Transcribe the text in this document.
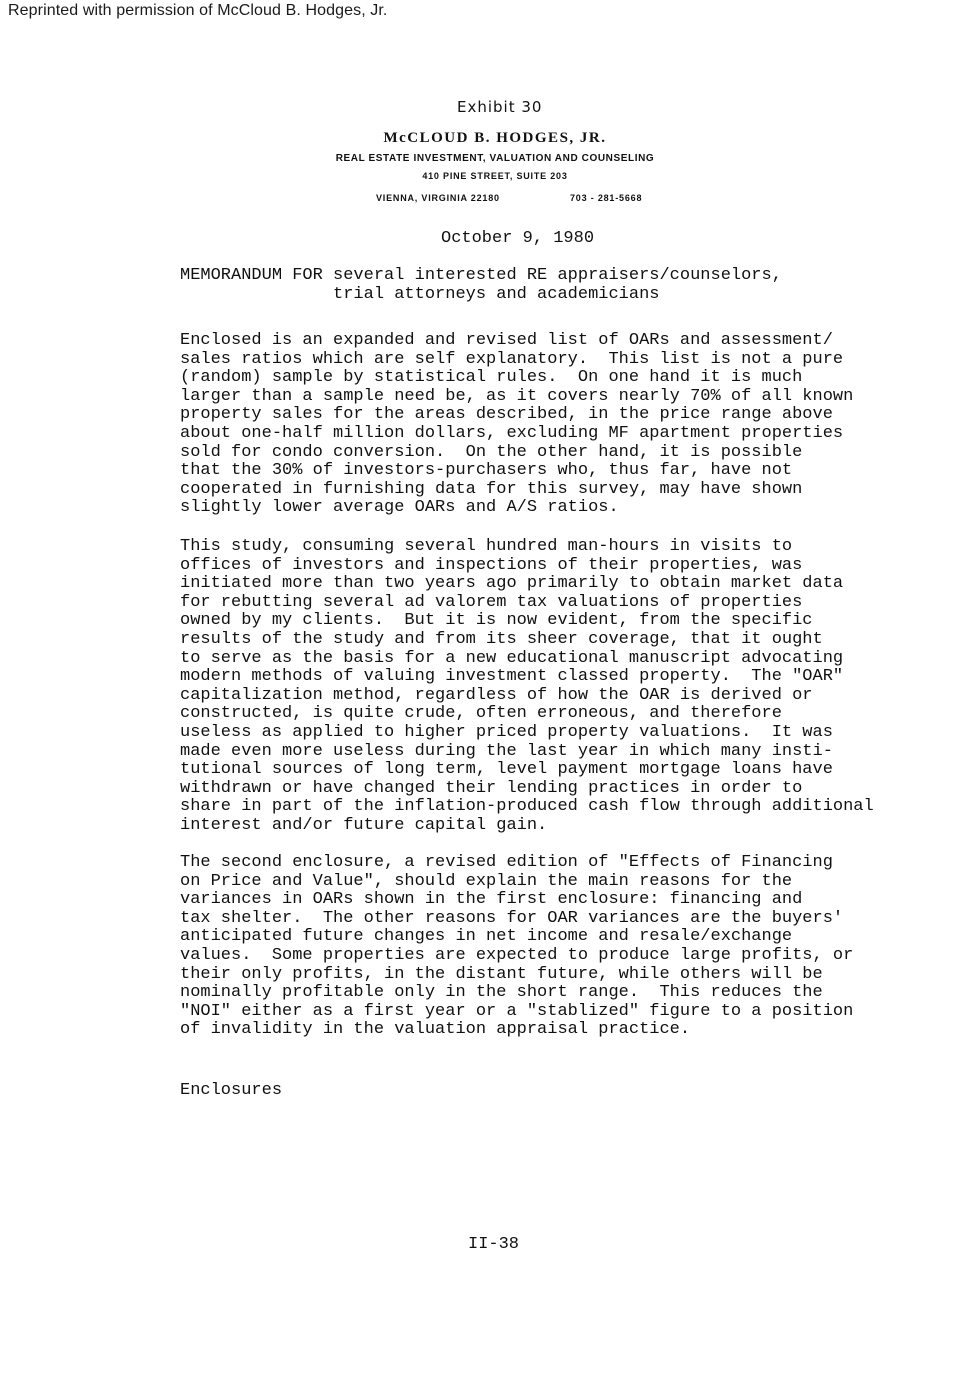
Reprinted with permission of McCloud B. Hodges, Jr.
Exhibit 30
McCLOUD B. HODGES, JR.
REAL ESTATE INVESTMENT, VALUATION AND COUNSELING
410 PINE STREET, SUITE 203
VIENNA, VIRGINIA 22180	703 - 281-5668
October 9, 1980
MEMORANDUM FOR several interested RE appraisers/counselors,
trial attorneys and academicians
Enclosed is an expanded and revised list of OARs and assessment/
sales ratios which are self explanatory.  This list is not a pure
(random) sample by statistical rules.  On one hand it is much
larger than a sample need be, as it covers nearly 70% of all known
property sales for the areas described, in the price range above
about one-half million dollars, excluding MF apartment properties
sold for condo conversion.  On the other hand, it is possible
that the 30% of investors-purchasers who, thus far, have not
cooperated in furnishing data for this survey, may have shown
slightly lower average OARs and A/S ratios.
This study, consuming several hundred man-hours in visits to
offices of investors and inspections of their properties, was
initiated more than two years ago primarily to obtain market data
for rebutting several ad valorem tax valuations of properties
owned by my clients.  But it is now evident, from the specific
results of the study and from its sheer coverage, that it ought
to serve as the basis for a new educational manuscript advocating
modern methods of valuing investment classed property.  The "OAR"
capitalization method, regardless of how the OAR is derived or
constructed, is quite crude, often erroneous, and therefore
useless as applied to higher priced property valuations.  It was
made even more useless during the last year in which many insti-
tutional sources of long term, level payment mortgage loans have
withdrawn or have changed their lending practices in order to
share in part of the inflation-produced cash flow through additional
interest and/or future capital gain.
The second enclosure, a revised edition of "Effects of Financing
on Price and Value", should explain the main reasons for the
variances in OARs shown in the first enclosure: financing and
tax shelter.  The other reasons for OAR variances are the buyers'
anticipated future changes in net income and resale/exchange
values.  Some properties are expected to produce large profits, or
their only profits, in the distant future, while others will be
nominally profitable only in the short range.  This reduces the
"NOI" either as a first year or a "stablized" figure to a position
of invalidity in the valuation appraisal practice.
Enclosures
II-38
